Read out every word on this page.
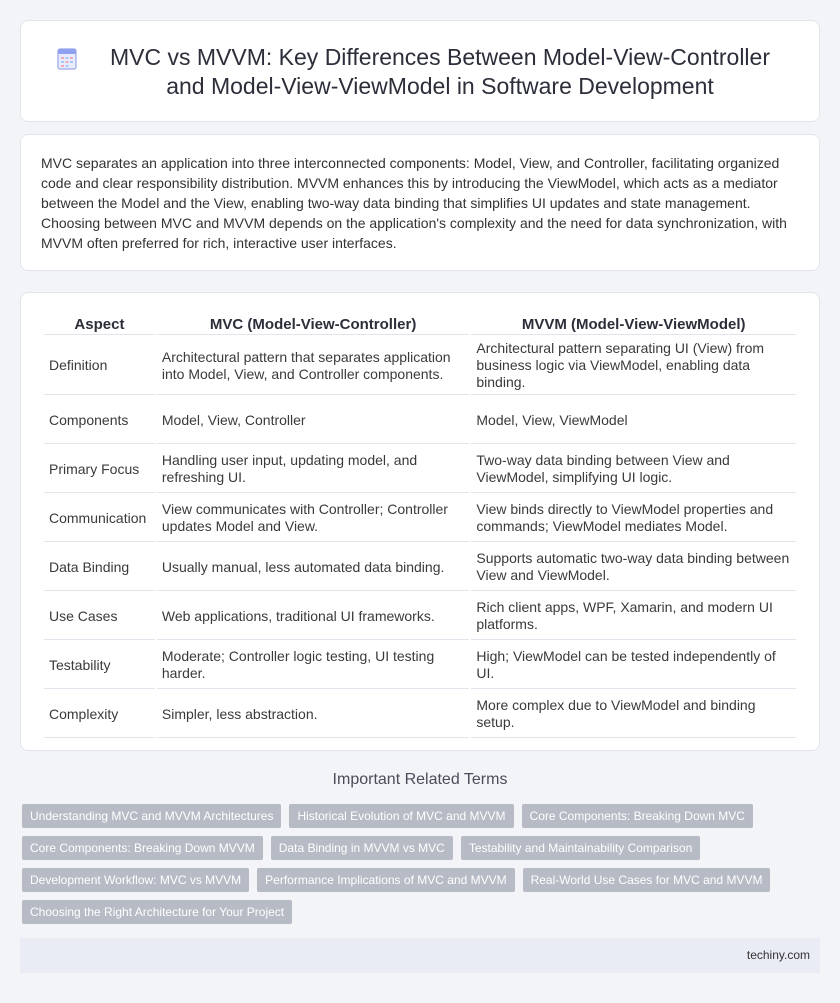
MVC vs MVVM: Key Differences Between Model-View-Controller and Model-View-ViewModel in Software Development

MVC separates an application into three interconnected components: Model, View, and Controller, facilitating organized code and clear responsibility distribution. MVVM enhances this by introducing the ViewModel, which acts as a mediator between the Model and the View, enabling two-way data binding that simplifies UI updates and state management. Choosing between MVC and MVVM depends on the application's complexity and the need for data synchronization, with MVVM often preferred for rich, interactive user interfaces.

Aspect	MVC (Model-View-Controller)	MVVM (Model-View-ViewModel)
Definition	Architectural pattern that separates application into Model, View, and Controller components.	Architectural pattern separating UI (View) from business logic via ViewModel, enabling data binding.
Components	Model, View, Controller	Model, View, ViewModel
Primary Focus	Handling user input, updating model, and refreshing UI.	Two-way data binding between View and ViewModel, simplifying UI logic.
Communication	View communicates with Controller; Controller updates Model and View.	View binds directly to ViewModel properties and commands; ViewModel mediates Model.
Data Binding	Usually manual, less automated data binding.	Supports automatic two-way data binding between View and ViewModel.
Use Cases	Web applications, traditional UI frameworks.	Rich client apps, WPF, Xamarin, and modern UI platforms.
Testability	Moderate; Controller logic testing, UI testing harder.	High; ViewModel can be tested independently of UI.
Complexity	Simpler, less abstraction.	More complex due to ViewModel and binding setup.
Important Related Terms
Understanding MVC and MVVM Architectures	Historical Evolution of MVC and MVVM	Core Components: Breaking Down MVC
Core Components: Breaking Down MVVM	Data Binding in MVVM vs MVC	Testability and Maintainability Comparison
Development Workflow: MVC vs MVVM	Performance Implications of MVC and MVVM	Real-World Use Cases for MVC and MVVM
Choosing the Right Architecture for Your Project
techiny.com
